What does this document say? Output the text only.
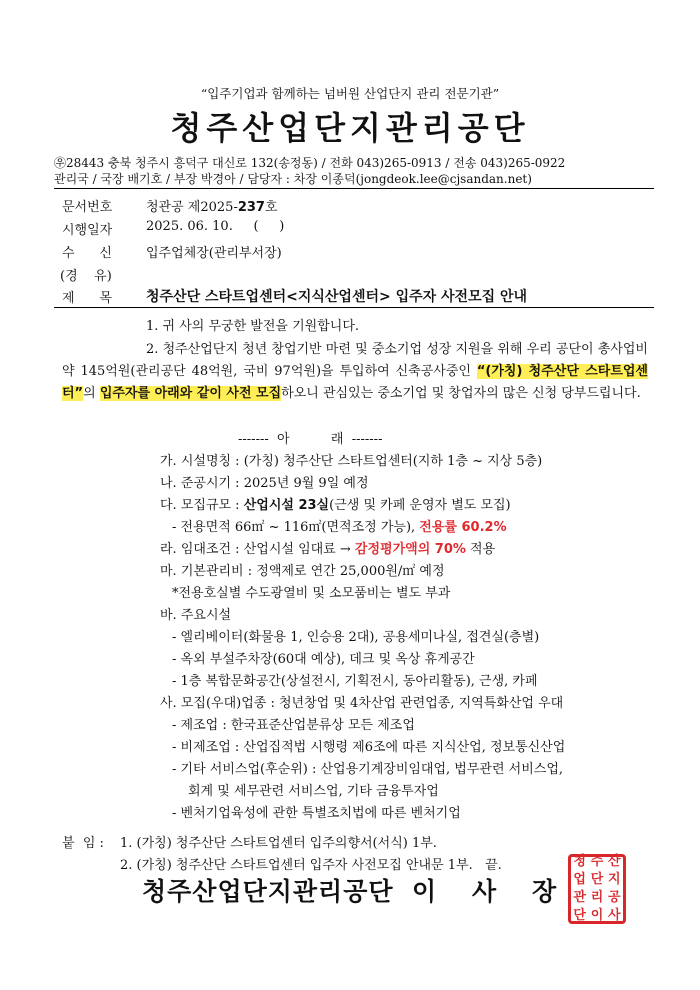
“입주기업과 함께하는 넘버원 산업단지 관리 전문기관”
청주산업단지관리공단
㉾28443 충북 청주시 흥덕구 대신로 132(송정동) / 전화 043)265-0913 / 전송 043)265-0922
관리국 / 국장 배기호 / 부장 박경아 / 담당자 : 차장 이종덕(jongdeok.lee@cjsandan.net)
문서번호	청관공 제2025-237호
시행일자	2025. 06. 10.     (     )
수      신	입주업체장(관리부서장)
(경    유)
제      목 청주산단 스타트업센터<지식산업센터> 입주자 사전모집 안내
1. 귀 사의 무궁한 발전을 기원합니다.
2. 청주산업단지 청년 창업기반 마련 및 중소기업 성장 지원을 위해 우리 공단이 총사업비 약 145억원(관리공단 48억원, 국비 97억원)을 투입하여 신축공사중인 “(가칭) 청주산단 스타트업센터”의 입주자를 아래와 같이 사전 모집하오니 관심있는 중소기업 및 창업자의 많은 신청 당부드립니다.
-------  아          래  -------
가. 시설명칭 : (가칭) 청주산단 스타트업센터(지하 1층 ~ 지상 5층)
나. 준공시기 : 2025년 9월 9일 예정
다. 모집규모 : 산업시설 23실(근생 및 카페 운영자 별도 모집)
- 전용면적 66㎡ ~ 116㎡(면적조정 가능), 전용률 60.2%
라. 임대조건 : 산업시설 임대료 → 감정평가액의 70% 적용
마. 기본관리비 : 정액제로 연간 25,000원/㎡ 예정
*전용호실별 수도광열비 및 소모품비는 별도 부과
바. 주요시설
- 엘리베이터(화물용 1, 인승용 2대), 공용세미나실, 접견실(층별)
- 옥외 부설주차장(60대 예상), 데크 및 옥상 휴게공간
- 1층 복합문화공간(상설전시, 기획전시, 동아리활동), 근생, 카페
사. 모집(우대)업종 : 청년창업 및 4차산업 관련업종, 지역특화산업 우대
- 제조업 : 한국표준산업분류상 모든 제조업
- 비제조업 : 산업집적법 시행령 제6조에 따른 지식산업, 정보통신산업
- 기타 서비스업(후순위) : 산업용기계장비임대업, 법무관련 서비스업,
회계 및 세무관련 서비스업, 기타 금융투자업
- 벤처기업육성에 관한 특별조치법에 따른 벤처기업
붙  임 : 1. (가칭) 청주산단 스타트업센터 입주의향서(서식) 1부.
2. (가칭) 청주산단 스타트업센터 입주자 사전모집 안내문 1부.   끝.
청주산업단지관리공단 이 사 장
청 주 산
업 단 지
관 리 공
단 이 사
